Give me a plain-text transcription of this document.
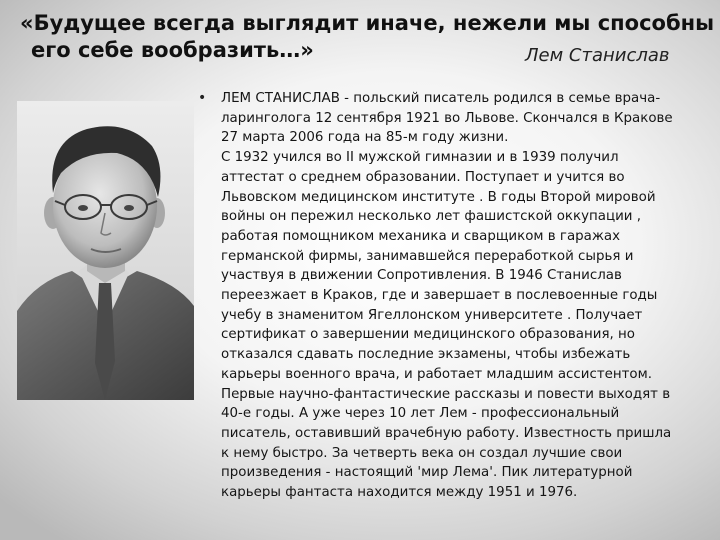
«Будущее всегда выглядит иначе, нежели мы способны
его себе вообразить…»	Лем Станислав
• ЛЕМ СТАНИСЛАВ - польский писатель родился в семье врача-

ларинголога 12 сентября 1921 во Львове. Скончался в Кракове

27 марта 2006 года на 85-м году жизни.

С 1932 учился во II мужской гимназии и в 1939 получил

аттестат о среднем образовании. Поступает и учится во

Львовском медицинском институте . В годы Второй мировой

войны он пережил несколько лет фашистской оккупации ,

работая помощником механика и сварщиком в гаражах

германской фирмы, занимавшейся переработкой сырья и

участвуя в движении Сопротивления. В 1946 Станислав

переезжает в Краков, где и завершает в послевоенные годы

учебу в знаменитом Ягеллонском университете . Получает

сертификат о завершении медицинского образования, но

отказался сдавать последние экзамены, чтобы избежать

карьеры военного врача, и работает младшим ассистентом.

Первые научно-фантастические рассказы и повести выходят в

40-е годы. А уже через 10 лет Лем - профессиональный

писатель, оставивший врачебную работу. Известность пришла

к нему быстро. За четверть века он создал лучшие свои

произведения - настоящий 'мир Лема'. Пик литературной

карьеры фантаста находится между 1951 и 1976.
